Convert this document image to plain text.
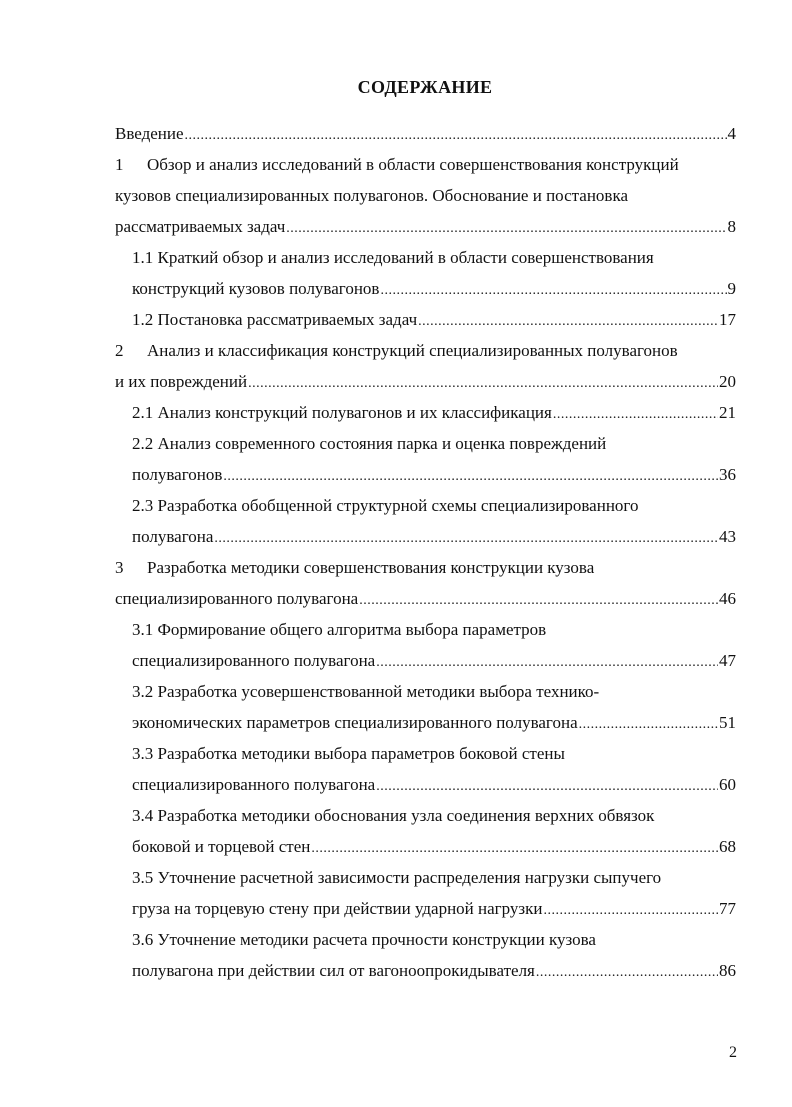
СОДЕРЖАНИЕ
Введение .....	4
1 Обзор и анализ исследований в области совершенствования конструкций
кузовов специализированных полувагонов. Обоснование и постановка
рассматриваемых задач .....	8
1.1 Краткий обзор и анализ исследований в области совершенствования
конструкций кузовов полувагонов .....	9
1.2 Постановка рассматриваемых задач .....	17
2 Анализ и классификация конструкций специализированных полувагонов
и их повреждений .....	20
2.1 Анализ конструкций полувагонов и их классификация .....	21
2.2 Анализ современного состояния парка и оценка повреждений
полувагонов .....	36
2.3 Разработка обобщенной структурной схемы специализированного
полувагона .....	43
3 Разработка методики совершенствования конструкции кузова
специализированного полувагона .....	46
3.1 Формирование общего алгоритма выбора параметров
специализированного полувагона .....	47
3.2 Разработка усовершенствованной методики выбора технико-
экономических параметров специализированного полувагона .....	51
3.3 Разработка методики выбора параметров боковой стены
специализированного полувагона .....	60
3.4 Разработка методики обоснования узла соединения верхних обвязок
боковой и торцевой стен .....	68
3.5 Уточнение расчетной зависимости распределения нагрузки сыпучего
груза на торцевую стену при действии ударной нагрузки .....	77
3.6 Уточнение методики расчета прочности конструкции кузова
полувагона при действии сил от вагоноопрокидывателя .....	86
2
